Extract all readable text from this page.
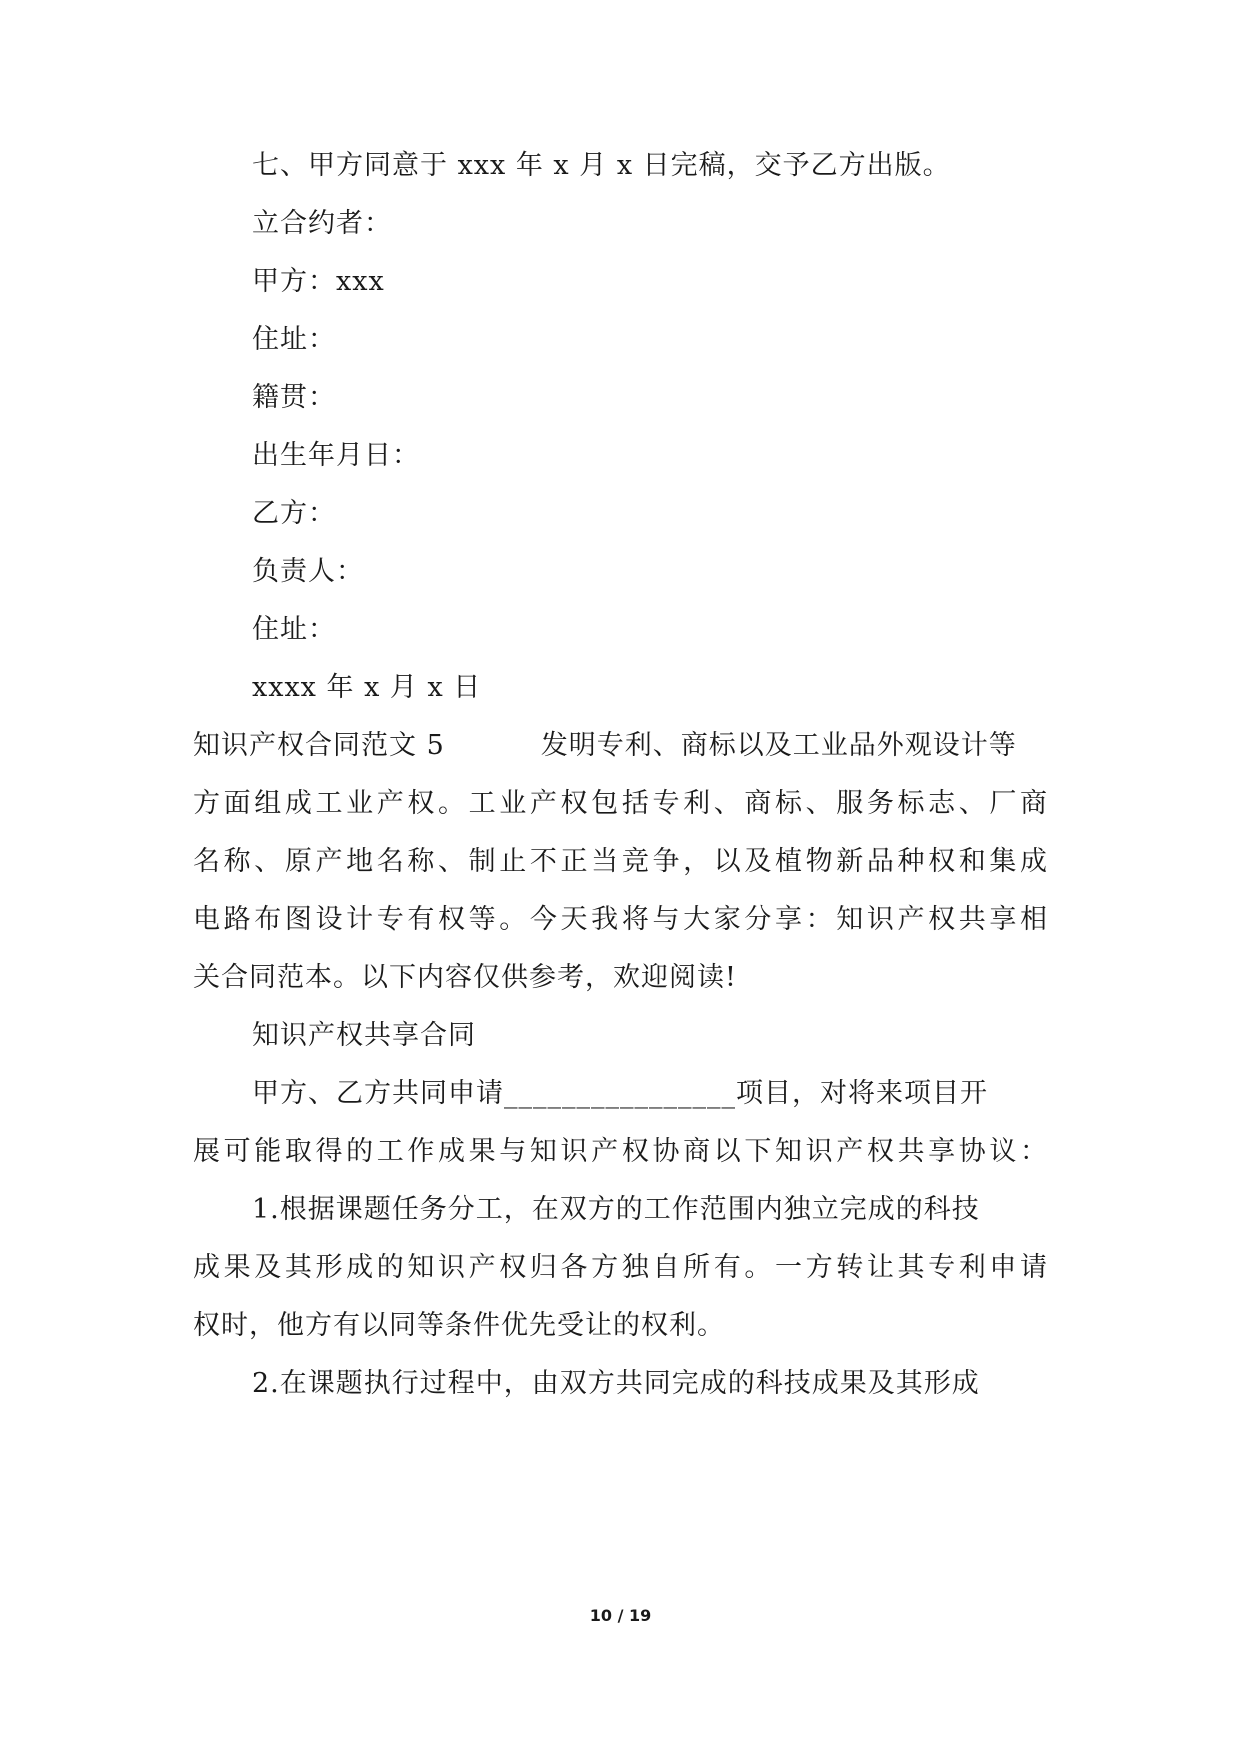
七、甲方同意于 xxx 年 x 月 x 日完稿，交予乙方出版。
立合约者：
甲方：xxx
住址：
籍贯：
出生年月日：
乙方：
负责人：
住址：
xxxx 年 x 月 x 日
知识产权合同范文 5	发明专利、商标以及工业品外观设计等
方面组成工业产权。工业产权包括专利、商标、服务标志、厂商
名称、原产地名称、制止不正当竞争，以及植物新品种权和集成
电路布图设计专有权等。今天我将与大家分享：知识产权共享相
关合同范本。以下内容仅供参考，欢迎阅读!
知识产权共享合同
甲方、乙方共同申请________________项目，对将来项目开
展可能取得的工作成果与知识产权协商以下知识产权共享协议：
1.根据课题任务分工，在双方的工作范围内独立完成的科技
成果及其形成的知识产权归各方独自所有。一方转让其专利申请
权时，他方有以同等条件优先受让的权利。
2.在课题执行过程中，由双方共同完成的科技成果及其形成
10 / 19
